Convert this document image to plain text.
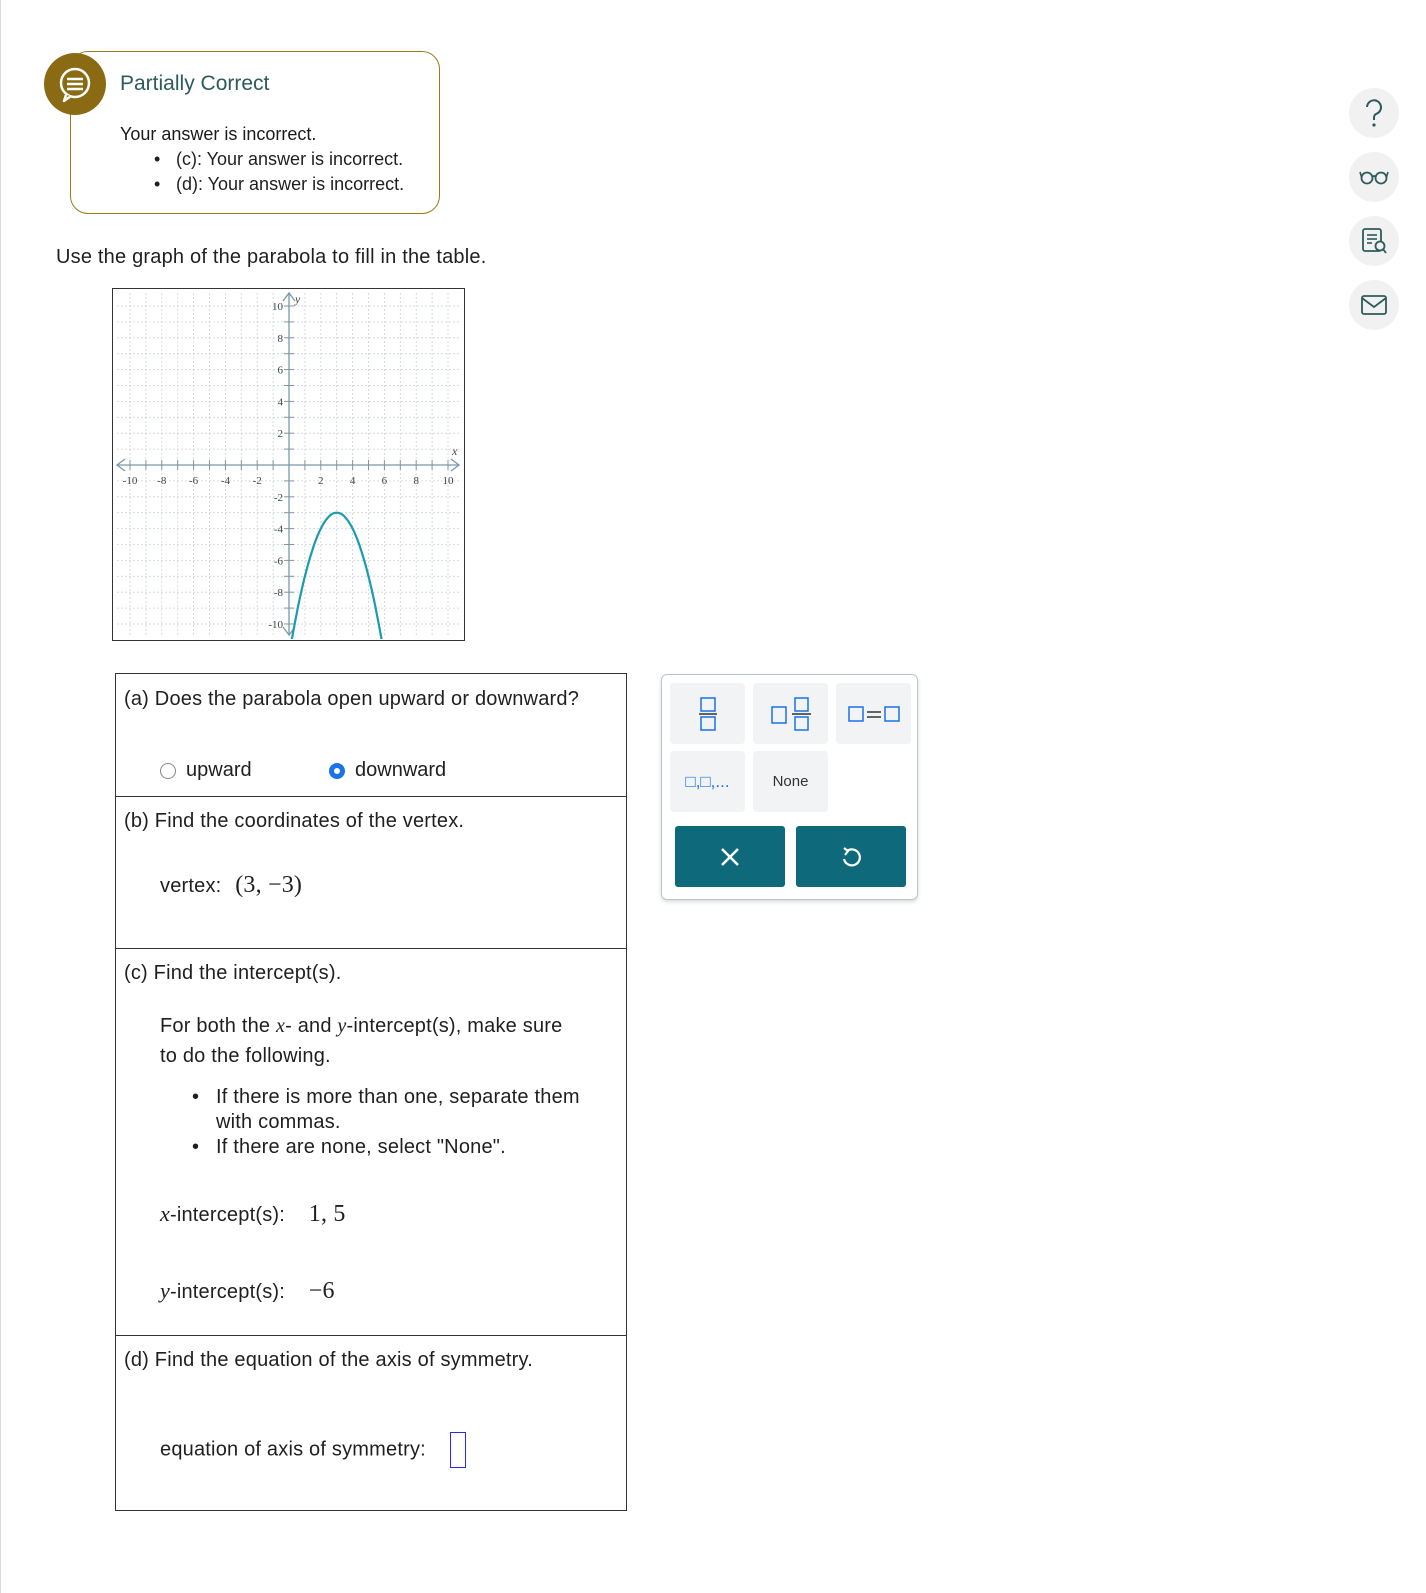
Partially Correct
Your answer is incorrect.
• (c): Your answer is incorrect.
• (d): Your answer is incorrect.
Use the graph of the parabola to fill in the table.
-10 -8 -6 -4 -2	2 4 6 8 10
10
8
6
4
2
-2
-4
-6
-8
-10
x
y
(a) Does the parabola open upward or downward?
upward	downward
(b) Find the coordinates of the vertex.
vertex: (3, −3)
(c) Find the intercept(s).
For both the x- and y-intercept(s), make sure
to do the following.
• If there is more than one, separate them with commas.
• If there are none, select "None".
x-intercept(s): 1, 5
y-intercept(s): −6
(d) Find the equation of the axis of symmetry.
equation of axis of symmetry:
□,□,...	None
